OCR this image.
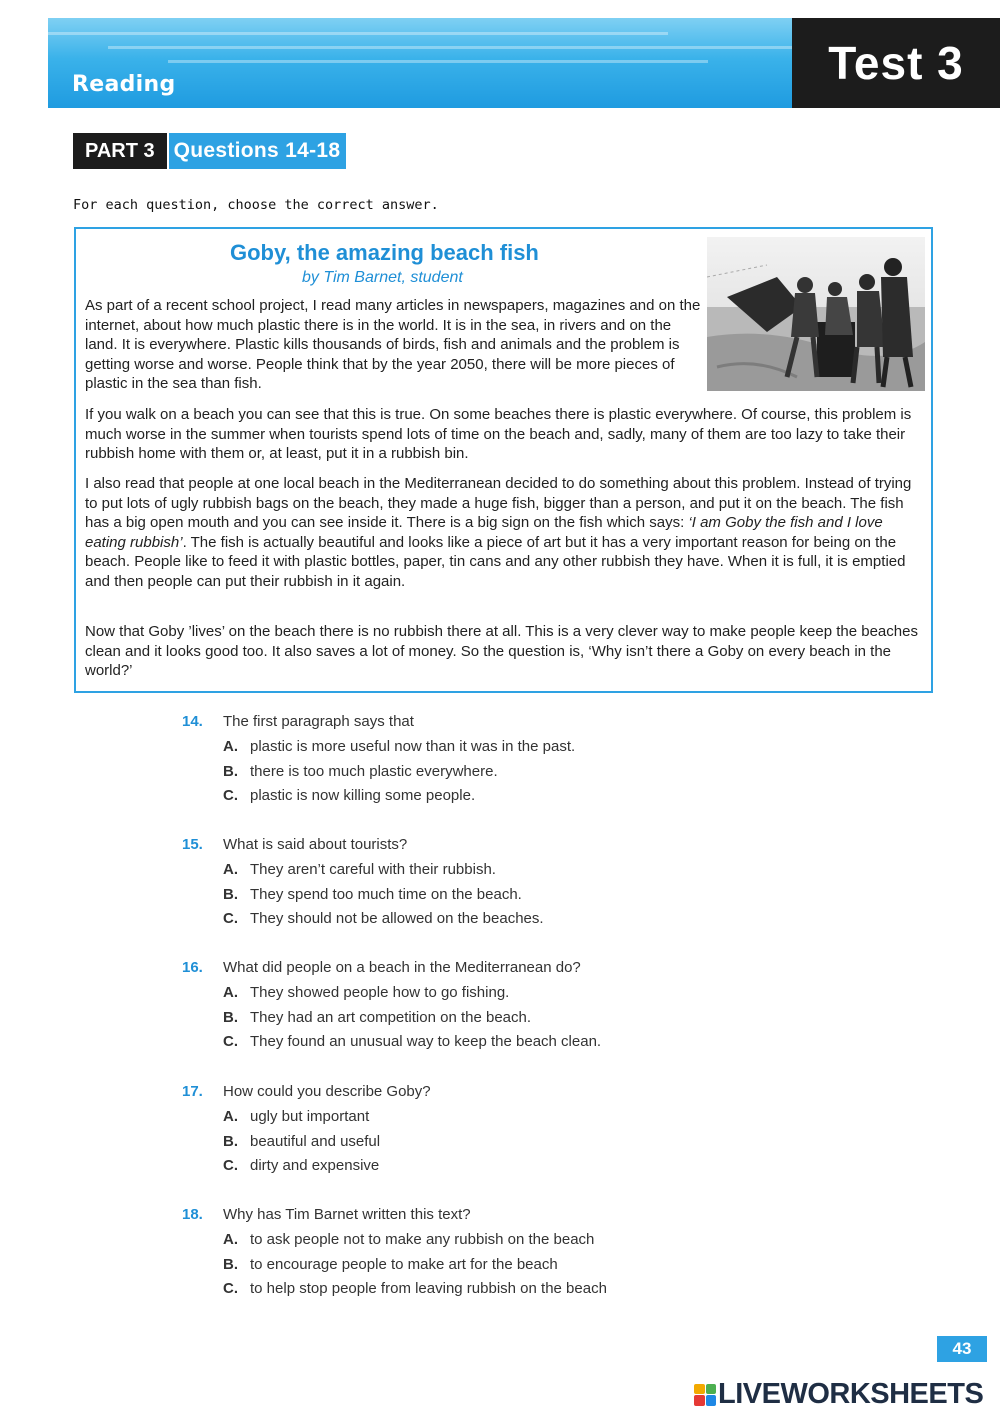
Reading	Test 3
PART 3 Questions 14-18
For each question, choose the correct answer.
Goby, the amazing beach fish
by Tim Barnet, student

As part of a recent school project, I read many articles in newspapers, magazines and on the internet, about how much plastic there is in the world. It is in the sea, in rivers and on the land. It is everywhere. Plastic kills thousands of birds, fish and animals and the problem is getting worse and worse. People think that by the year 2050, there will be more pieces of plastic in the sea than fish.

If you walk on a beach you can see that this is true. On some beaches there is plastic everywhere. Of course, this problem is much worse in the summer when tourists spend lots of time on the beach and, sadly, many of them are too lazy to take their rubbish home with them or, at least, put it in a rubbish bin.

I also read that people at one local beach in the Mediterranean decided to do something about this problem. Instead of trying to put lots of ugly rubbish bags on the beach, they made a huge fish, bigger than a person, and put it on the beach. The fish has a big open mouth and you can see inside it. There is a big sign on the fish which says: ‘I am Goby the fish and I love eating rubbish’. The fish is actually beautiful and looks like a piece of art but it has a very important reason for being on the beach. People like to feed it with plastic bottles, paper, tin cans and any other rubbish they have. When it is full, it is emptied and then people can put their rubbish in it again.

Now that Goby ’lives’ on the beach there is no rubbish there at all. This is a very clever way to make people keep the beaches clean and it looks good too. It also saves a lot of money. So the question is, ‘Why isn’t there a Goby on every beach in the world?’

14.	The first paragraph says that
A. plastic is more useful now than it was in the past.
B. there is too much plastic everywhere.
C. plastic is now killing some people.
15.	What is said about tourists?
A. They aren’t careful with their rubbish.
B. They spend too much time on the beach.
C. They should not be allowed on the beaches.
16.	What did people on a beach in the Mediterranean do?
A. They showed people how to go fishing.
B. They had an art competition on the beach.
C. They found an unusual way to keep the beach clean.
17.	How could you describe Goby?
A. ugly but important
B. beautiful and useful
C. dirty and expensive
18.	Why has Tim Barnet written this text?
A. to ask people not to make any rubbish on the beach
B. to encourage people to make art for the beach
C. to help stop people from leaving rubbish on the beach
43
LIVEWORKSHEETS
